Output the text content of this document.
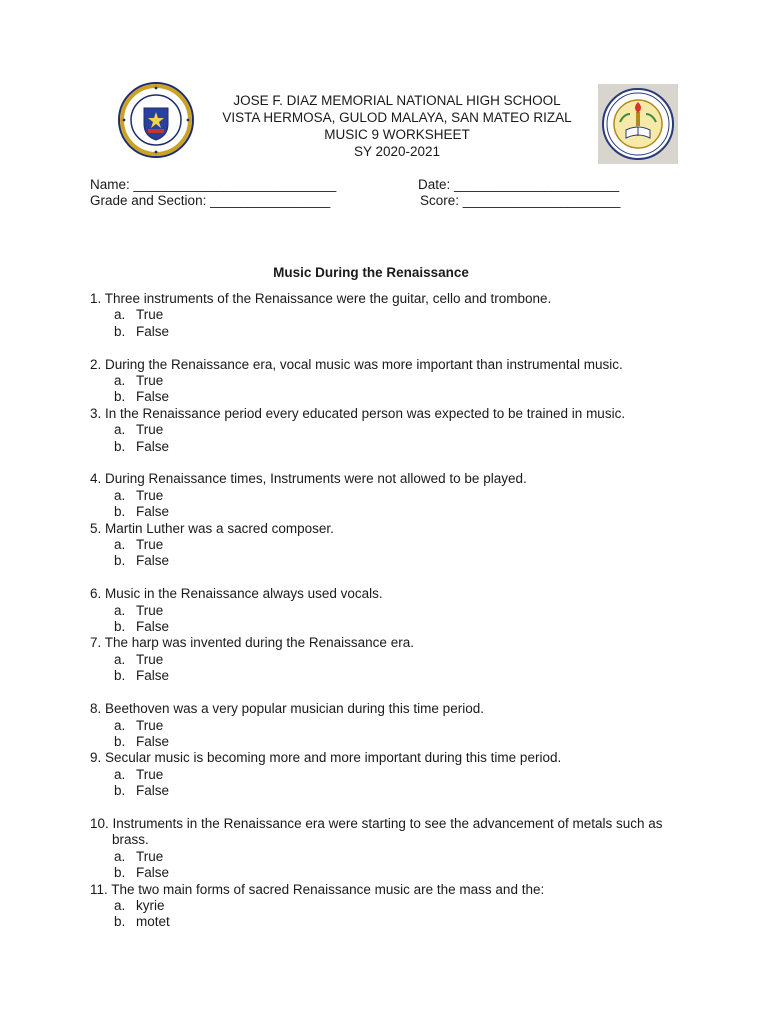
JOSE F. DIAZ MEMORIAL NATIONAL HIGH SCHOOL
VISTA HERMOSA, GULOD MALAYA, SAN MATEO RIZAL
MUSIC 9 WORKSHEET
SY 2020-2021
Name: ___________________________	Date: ______________________
Grade and Section: ________________	Score: _____________________
Music During the Renaissance
1. Three instruments of the Renaissance were the guitar, cello and trombone.
a. True
b. False
2. During the Renaissance era, vocal music was more important than instrumental music.
a. True
b. False
3. In the Renaissance period every educated person was expected to be trained in music.
a. True
b. False
4. During Renaissance times, Instruments were not allowed to be played.
a. True
b. False
5. Martin Luther was a sacred composer.
a. True
b. False
6. Music in the Renaissance always used vocals.
a. True
b. False
7. The harp was invented during the Renaissance era.
a. True
b. False
8. Beethoven was a very popular musician during this time period.
a. True
b. False
9. Secular music is becoming more and more important during this time period.
a. True
b. False
10. Instruments in the Renaissance era were starting to see the advancement of metals such as brass.
a. True
b. False
11. The two main forms of sacred Renaissance music are the mass and the:
a. kyrie
b. motet
